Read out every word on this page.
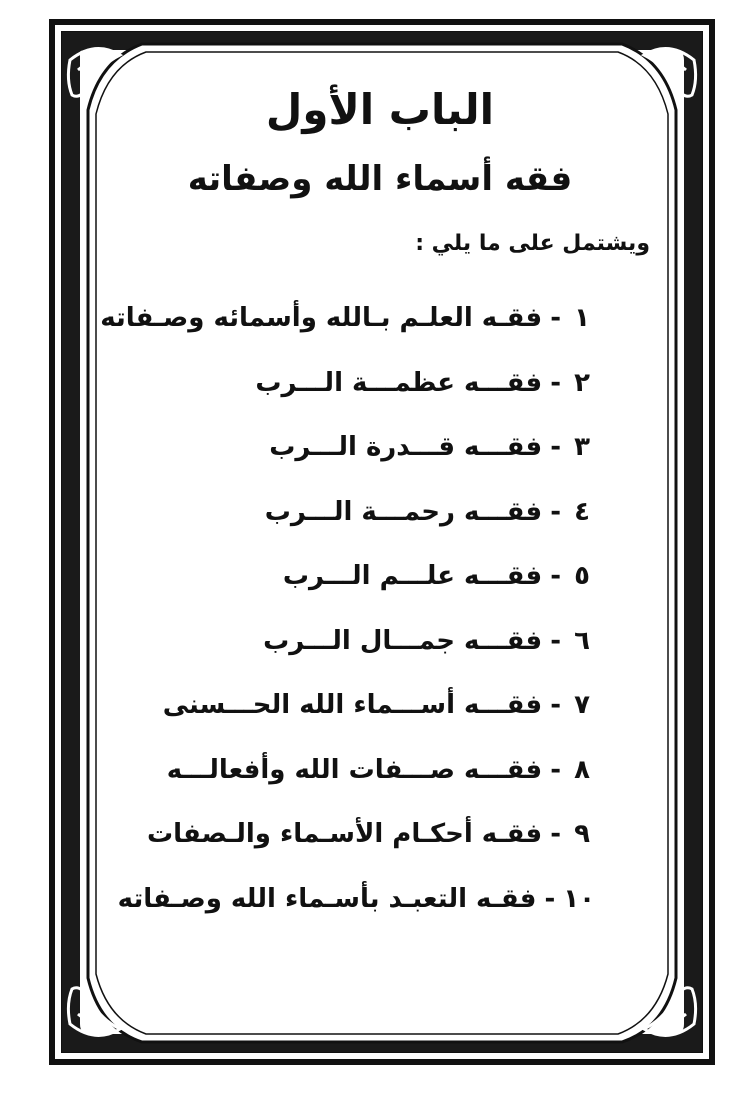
الباب الأول
فقه أسماء الله وصفاته
ويشتمل على ما يلي :
١
-
فقـه العلـم بـالله وأسمائه وصـفاته
٢
-
فقـــه عظمـــة الـــرب
٣
-
فقـــه قـــدرة الـــرب
٤
-
فقـــه رحمـــة الـــرب
٥
-
فقـــه علـــم الـــرب
٦
-
فقـــه جمـــال الـــرب
٧
-
فقـــه أســـماء الله الحـــسنى
٨
-
فقـــه صـــفات الله وأفعالـــه
٩
-
فقـه أحكـام الأسـماء والـصفات
١٠
-
فقـه التعبـد بأسـماء الله وصـفاته
